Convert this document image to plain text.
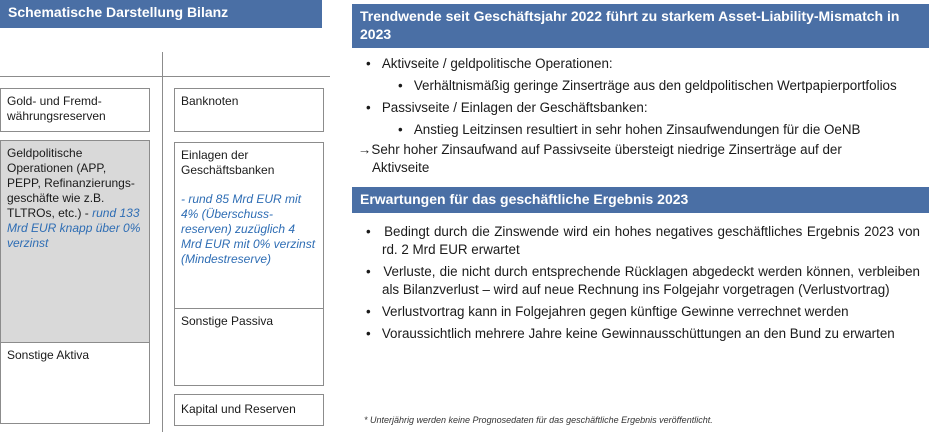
Schematische Darstellung Bilanz
Gold- und Fremd-währungsreserven
Geldpolitische Operationen (APP, PEPP, Refinanzierungs-geschäfte wie z.B. TLTROs, etc.) - rund 133 Mrd EUR knapp über 0% verzinst
Sonstige Aktiva
Banknoten
Einlagen der Geschäftsbanken
- rund 85 Mrd EUR mit 4% (Überschuss-reserven) zuzüglich 4 Mrd EUR mit 0% verzinst (Mindestreserve)
Sonstige Passiva
Kapital und Reserven
Trendwende seit Geschäftsjahr 2022 führt zu starkem Asset-Liability-Mismatch in 2023
•   Aktivseite / geldpolitische Operationen:
•   Verhältnismäßig geringe Zinserträge aus den geldpolitischen Wertpapierportfolios
•   Passivseite / Einlagen der Geschäftsbanken:
•   Anstieg Leitzinsen resultiert in sehr hohen Zinsaufwendungen für die OeNB
→Sehr hoher Zinsaufwand auf Passivseite übersteigt niedrige Zinserträge auf der Aktivseite
Erwartungen für das geschäftliche Ergebnis 2023
•   Bedingt durch die Zinswende wird ein hohes negatives geschäftliches Ergebnis 2023 von rd. 2 Mrd EUR erwartet
•   Verluste, die nicht durch entsprechende Rücklagen abgedeckt werden können, verbleiben als Bilanzverlust – wird auf neue Rechnung ins Folgejahr vorgetragen (Verlustvortrag)
•   Verlustvortrag kann in Folgejahren gegen künftige Gewinne verrechnet werden
•   Voraussichtlich mehrere Jahre keine Gewinnausschüttungen an den Bund zu erwarten
* Unterjährig werden keine Prognosedaten für das geschäftliche Ergebnis veröffentlicht.
